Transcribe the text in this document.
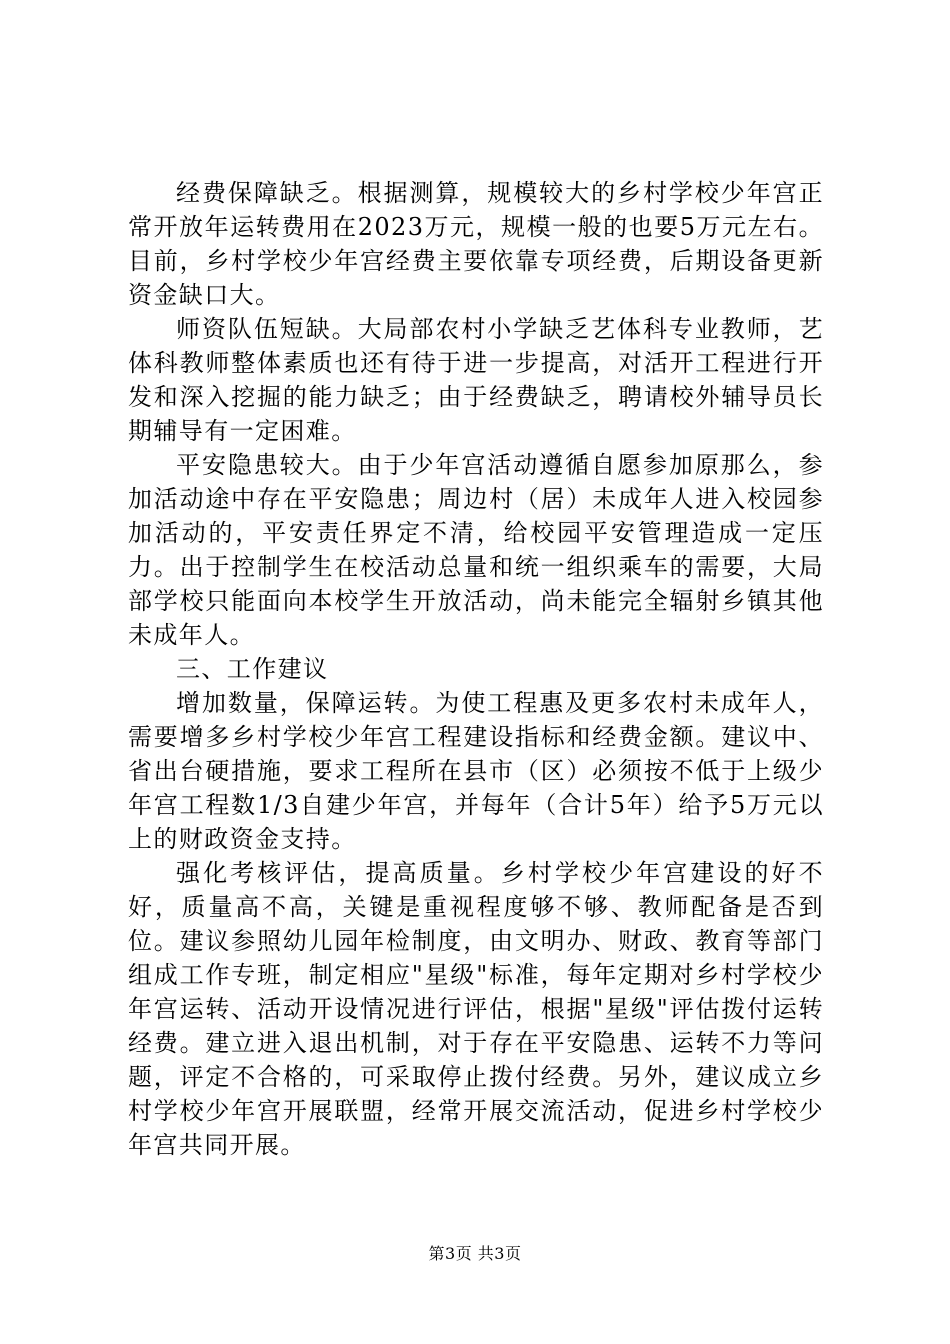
经费保障缺乏。根据测算，规模较大的乡村学校少年宫正常开放年运转费用在2023万元，规模一般的也要5万元左右。目前，乡村学校少年宫经费主要依靠专项经费，后期设备更新资金缺口大。

师资队伍短缺。大局部农村小学缺乏艺体科专业教师，艺体科教师整体素质也还有待于进一步提高，对活开工程进行开发和深入挖掘的能力缺乏；由于经费缺乏，聘请校外辅导员长期辅导有一定困难。

平安隐患较大。由于少年宫活动遵循自愿参加原那么，参加活动途中存在平安隐患；周边村（居）未成年人进入校园参加活动的，平安责任界定不清，给校园平安管理造成一定压力。出于控制学生在校活动总量和统一组织乘车的需要，大局部学校只能面向本校学生开放活动，尚未能完全辐射乡镇其他未成年人。

三、工作建议

增加数量，保障运转。为使工程惠及更多农村未成年人，需要增多乡村学校少年宫工程建设指标和经费金额。建议中、省出台硬措施，要求工程所在县市（区）必须按不低于上级少年宫工程数1/3自建少年宫，并每年（合计5年）给予5万元以上的财政资金支持。

强化考核评估，提高质量。乡村学校少年宫建设的好不好，质量高不高，关键是重视程度够不够、教师配备是否到位。建议参照幼儿园年检制度，由文明办、财政、教育等部门组成工作专班，制定相应"星级"标准，每年定期对乡村学校少年宫运转、活动开设情况进行评估，根据"星级"评估拨付运转经费。建立进入退出机制，对于存在平安隐患、运转不力等问题，评定不合格的，可采取停止拨付经费。另外，建议成立乡村学校少年宫开展联盟，经常开展交流活动，促进乡村学校少年宫共同开展。

第3页 共3页
